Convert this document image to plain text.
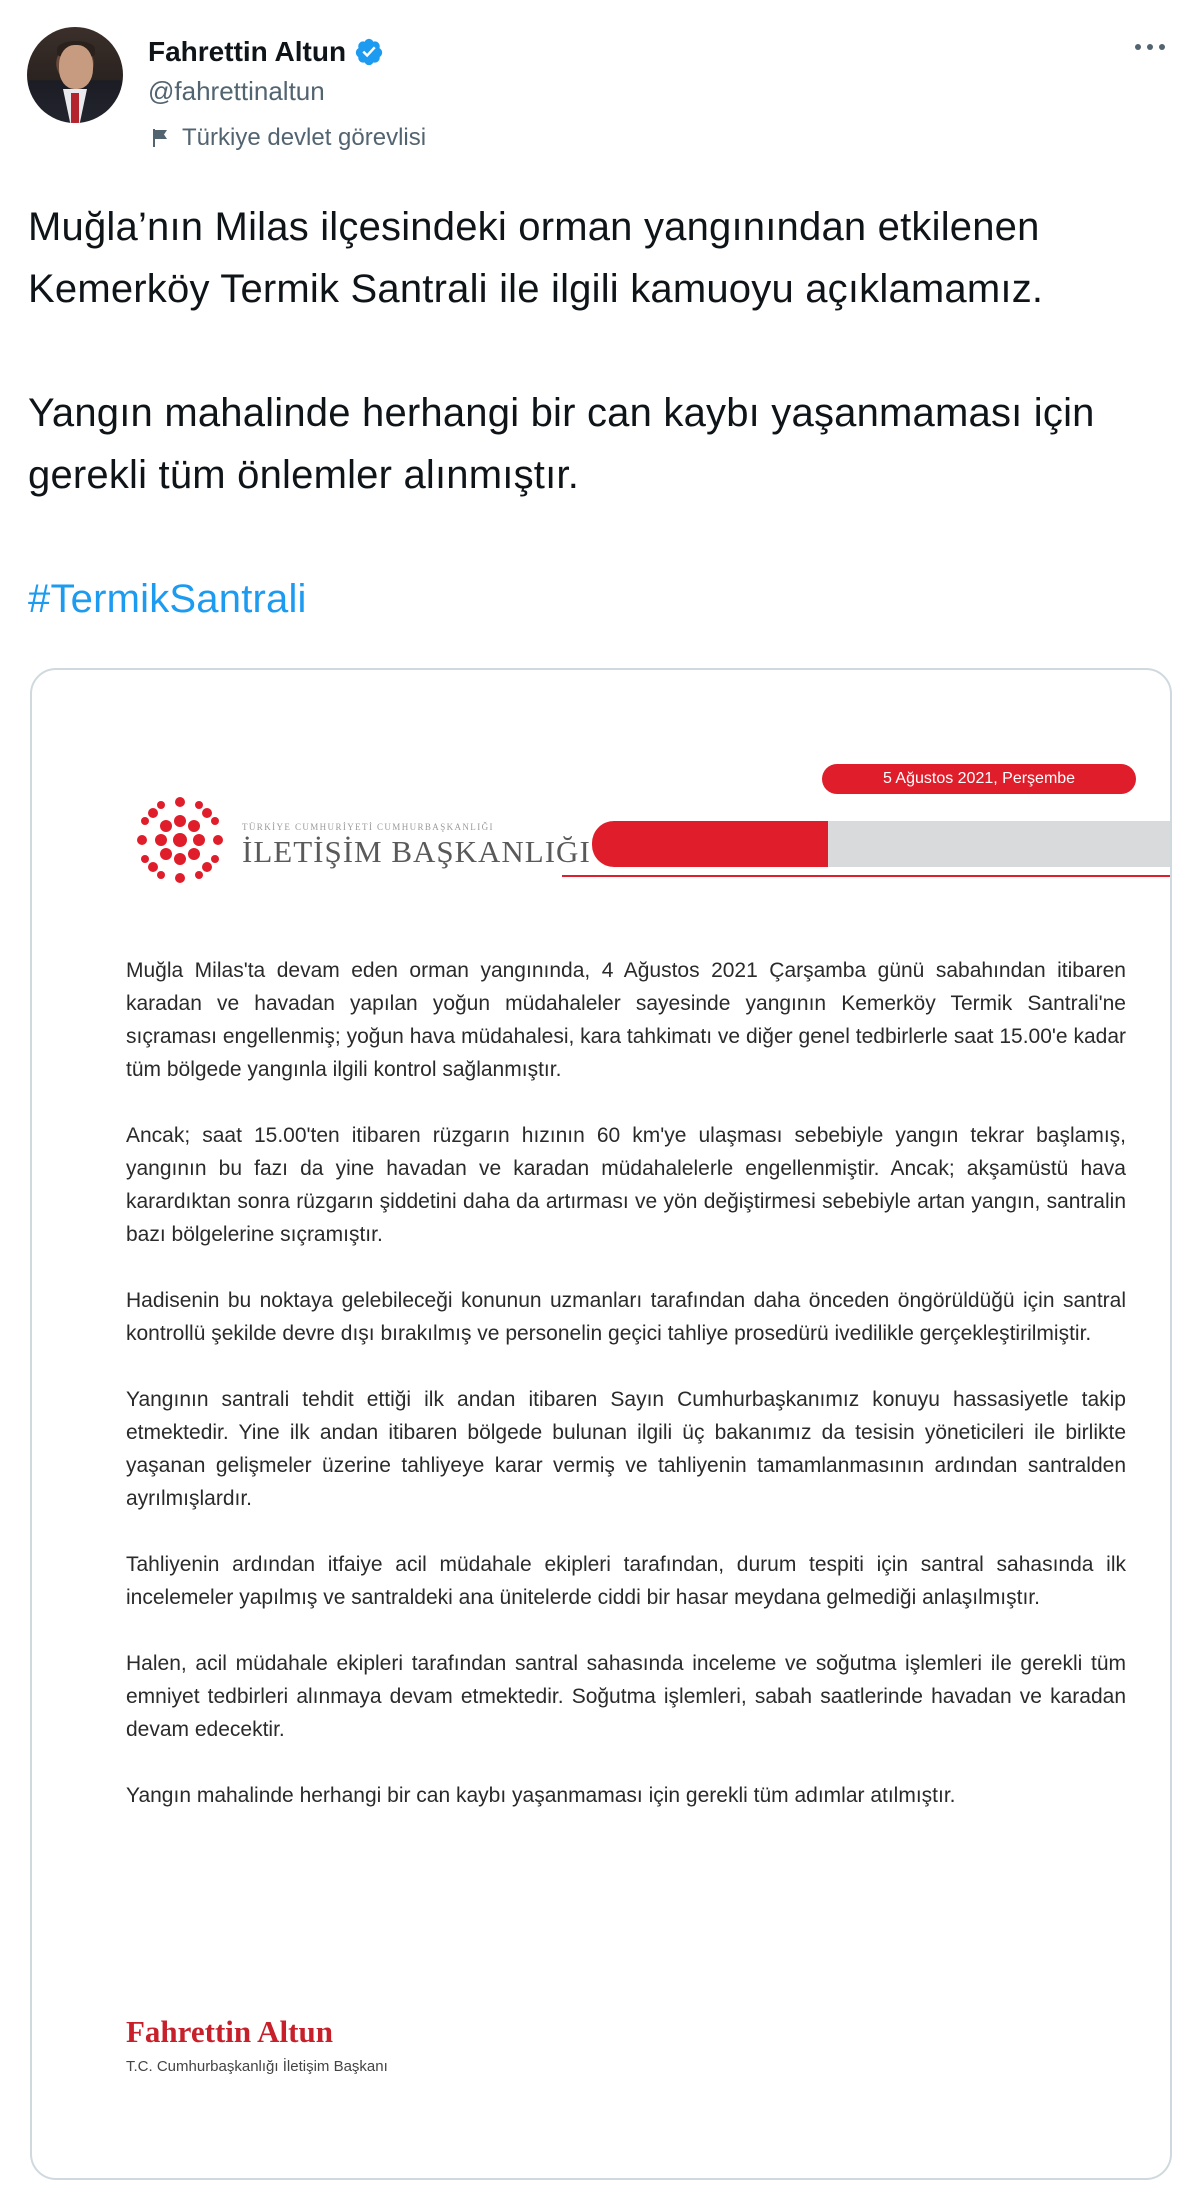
Fahrettin Altun
@fahrettinaltun
Türkiye devlet görevlisi

Muğla’nın Milas ilçesindeki orman yangınından etkilenen Kemerköy Termik Santrali ile ilgili kamuoyu açıklamamız.

Yangın mahalinde herhangi bir can kaybı yaşanmaması için gerekli tüm önlemler alınmıştır.

#TermikSantrali

5 Ağustos 2021, Perşembe
TÜRKİYE CUMHURİYETİ CUMHURBAŞKANLIĞI
İLETİŞİM BAŞKANLIĞI

Muğla Milas'ta devam eden orman yangınında, 4 Ağustos 2021 Çarşamba günü sabahından itibaren karadan ve havadan yapılan yoğun müdahaleler sayesinde yangının Kemerköy Termik Santrali'ne sıçraması engellenmiş; yoğun hava müdahalesi, kara tahkimatı ve diğer genel tedbirlerle saat 15.00'e kadar tüm bölgede yangınla ilgili kontrol sağlanmıştır.

Ancak; saat 15.00'ten itibaren rüzgarın hızının 60 km'ye ulaşması sebebiyle yangın tekrar başlamış, yangının bu fazı da yine havadan ve karadan müdahalelerle engellenmiştir. Ancak; akşamüstü hava karardıktan sonra rüzgarın şiddetini daha da artırması ve yön değiştirmesi sebebiyle artan yangın, santralin bazı bölgelerine sıçramıştır.

Hadisenin bu noktaya gelebileceği konunun uzmanları tarafından daha önceden öngörüldüğü için santral kontrollü şekilde devre dışı bırakılmış ve personelin geçici tahliye prosedürü ivedilikle gerçekleştirilmiştir.

Yangının santrali tehdit ettiği ilk andan itibaren Sayın Cumhurbaşkanımız konuyu hassasiyetle takip etmektedir. Yine ilk andan itibaren bölgede bulunan ilgili üç bakanımız da tesisin yöneticileri ile birlikte yaşanan gelişmeler üzerine tahliyeye karar vermiş ve tahliyenin tamamlanmasının ardından santralden ayrılmışlardır.

Tahliyenin ardından itfaiye acil müdahale ekipleri tarafından, durum tespiti için santral sahasında ilk incelemeler yapılmış ve santraldeki ana ünitelerde ciddi bir hasar meydana gelmediği anlaşılmıştır.

Halen, acil müdahale ekipleri tarafından santral sahasında inceleme ve soğutma işlemleri ile gerekli tüm emniyet tedbirleri alınmaya devam etmektedir. Soğutma işlemleri, sabah saatlerinde havadan ve karadan devam edecektir.

Yangın mahalinde herhangi bir can kaybı yaşanmaması için gerekli tüm adımlar atılmıştır.

Fahrettin Altun
T.C. Cumhurbaşkanlığı İletişim Başkanı
